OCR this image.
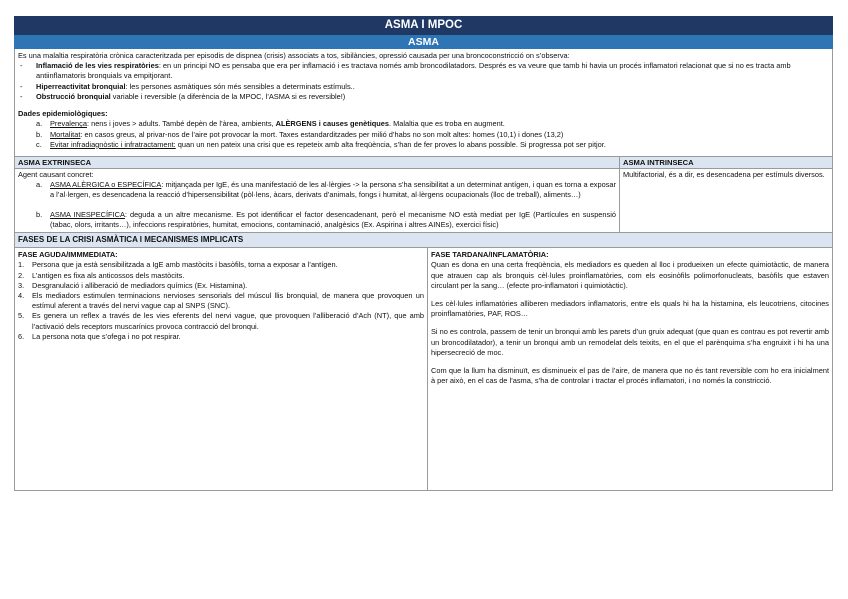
ASMA I MPOC
ASMA

Es una malaltia respiratòria crònica caracteritzada per episodis de dispnea (crisis) associats a tos, sibilàncies, opressió causada per una broncoconstricció on s’observa:

- Inflamació de les vies respiratòries: en un principi NO es pensaba que era per inflamació i es tractava només amb broncodilatadors. Després es va veure que tamb hi havia un procés inflamatori relacionat que si no es tracta amb antiinflamatoris bronquials va empitjorant.
- Hiperreactivitat bronquial: les persones asmàtiques són més sensibles a determinats estímuls..
- Obstrucció bronquial variable i reversible (a diferència de la MPOC, l’ASMA si es reversible!)
Dades epidemiològiques:
a. Prevalença: nens i joves > adults. També depèn de l’àrea, ambients, ALÈRGENS i causes genètiques. Malaltia que es troba en augment.
b. Mortalitat: en casos greus, al privar-nos de l’aire pot provocar la mort. Taxes estandarditzades per milió d’habs no son molt altes: homes (10,1) i dones (13,2)
c. Evitar infradiagnòstic i infratractament: quan un nen pateix una crisi que es repeteix amb alta freqüència, s’han de fer proves lo abans possible. Si progressa pot ser pitjor.
ASMA EXTRINSECA
Agent causant concret:
a. ASMA ALÈRGICA o ESPECÍFICA: mitjançada per IgE, és una manifestació de les al·lèrgies -> la persona s’ha sensibilitat a un determinat antígen, i quan es torna a exposar a l’al·lergen, es desencadena la reacció d’hipersensibilitat (pòl·lens, àcars, derivats d’animals, fongs i humitat, al·lèrgens ocupacionals (lloc de treball), aliments…)
b. ASMA INESPECÍFICA: deguda a un altre mecanisme. Es pot identificar el factor desencadenant, però el mecanisme NO està mediat per IgE (Partícules en suspensió (tabac, olors, irritants…), infeccions respiratòries, humitat, emocions, contaminació, analgèsics (Ex. Aspirina i altres AINEs), exercici físic)
ASMA INTRINSECA
Multifactorial, és a dir, es desencadena per estímuls diversos.
FASES DE LA CRISI ASMÀTICA I MECANISMES IMPLICATS
FASE AGUDA/IMMMEDIATA:
1. Persona que ja està sensibilitzada a IgE amb mastòcits i basòfils, torna a exposar a l’antígen.
2. L’antigen es fixa als anticossos dels mastòcits.
3. Desgranulació i alliberació de mediadors químics (Ex. Histamina).
4. Els mediadors estimulen terminacions nervioses sensorials del múscul llis bronquial, de manera que provoquen un estímul aferent a través del nervi vague cap al SNPS (SNC).
5. Es genera un reflex a través de les vies eferents del nervi vague, que provoquen l’alliberació d’Ach (NT), que amb l’activació dels receptors muscarínics provoca contracció del bronqui.
6. La persona nota que s’ofega i no pot respirar.
FASE TARDANA/INFLAMATÒRIA:

Quan es dona en una certa freqüència, els mediadors es queden al lloc i produeixen un efecte quimiotàctic, de manera que atrauen cap als bronquis cèl·lules proinflamatòries, com els eosinòfils polimorfonucleats, basòfils que estaven circulant per la sang… (efecte pro-inflamatori i quimiotàctic).

Les cèl·lules inflamatòries alliberen mediadors inflamatoris, entre els quals hi ha la histamina, els leucotriens, citocines proinflamatòries, PAF, ROS…

Si no es controla, passem de tenir un bronqui amb les parets d’un gruix adequat (que quan es contrau es pot revertir amb un broncodilatador), a tenir un bronqui amb un remodelat dels teixits, en el que el parènquima s’ha engruixit i hi ha una hipersecreció de moc.

Com que la llum ha disminuït, es disminueix el pas de l’aire, de manera que no és tant reversible com ho era inicialment à per això, en el cas de l’asma, s’ha de controlar i tractar el procés inflamatori, i no només la constricció.
